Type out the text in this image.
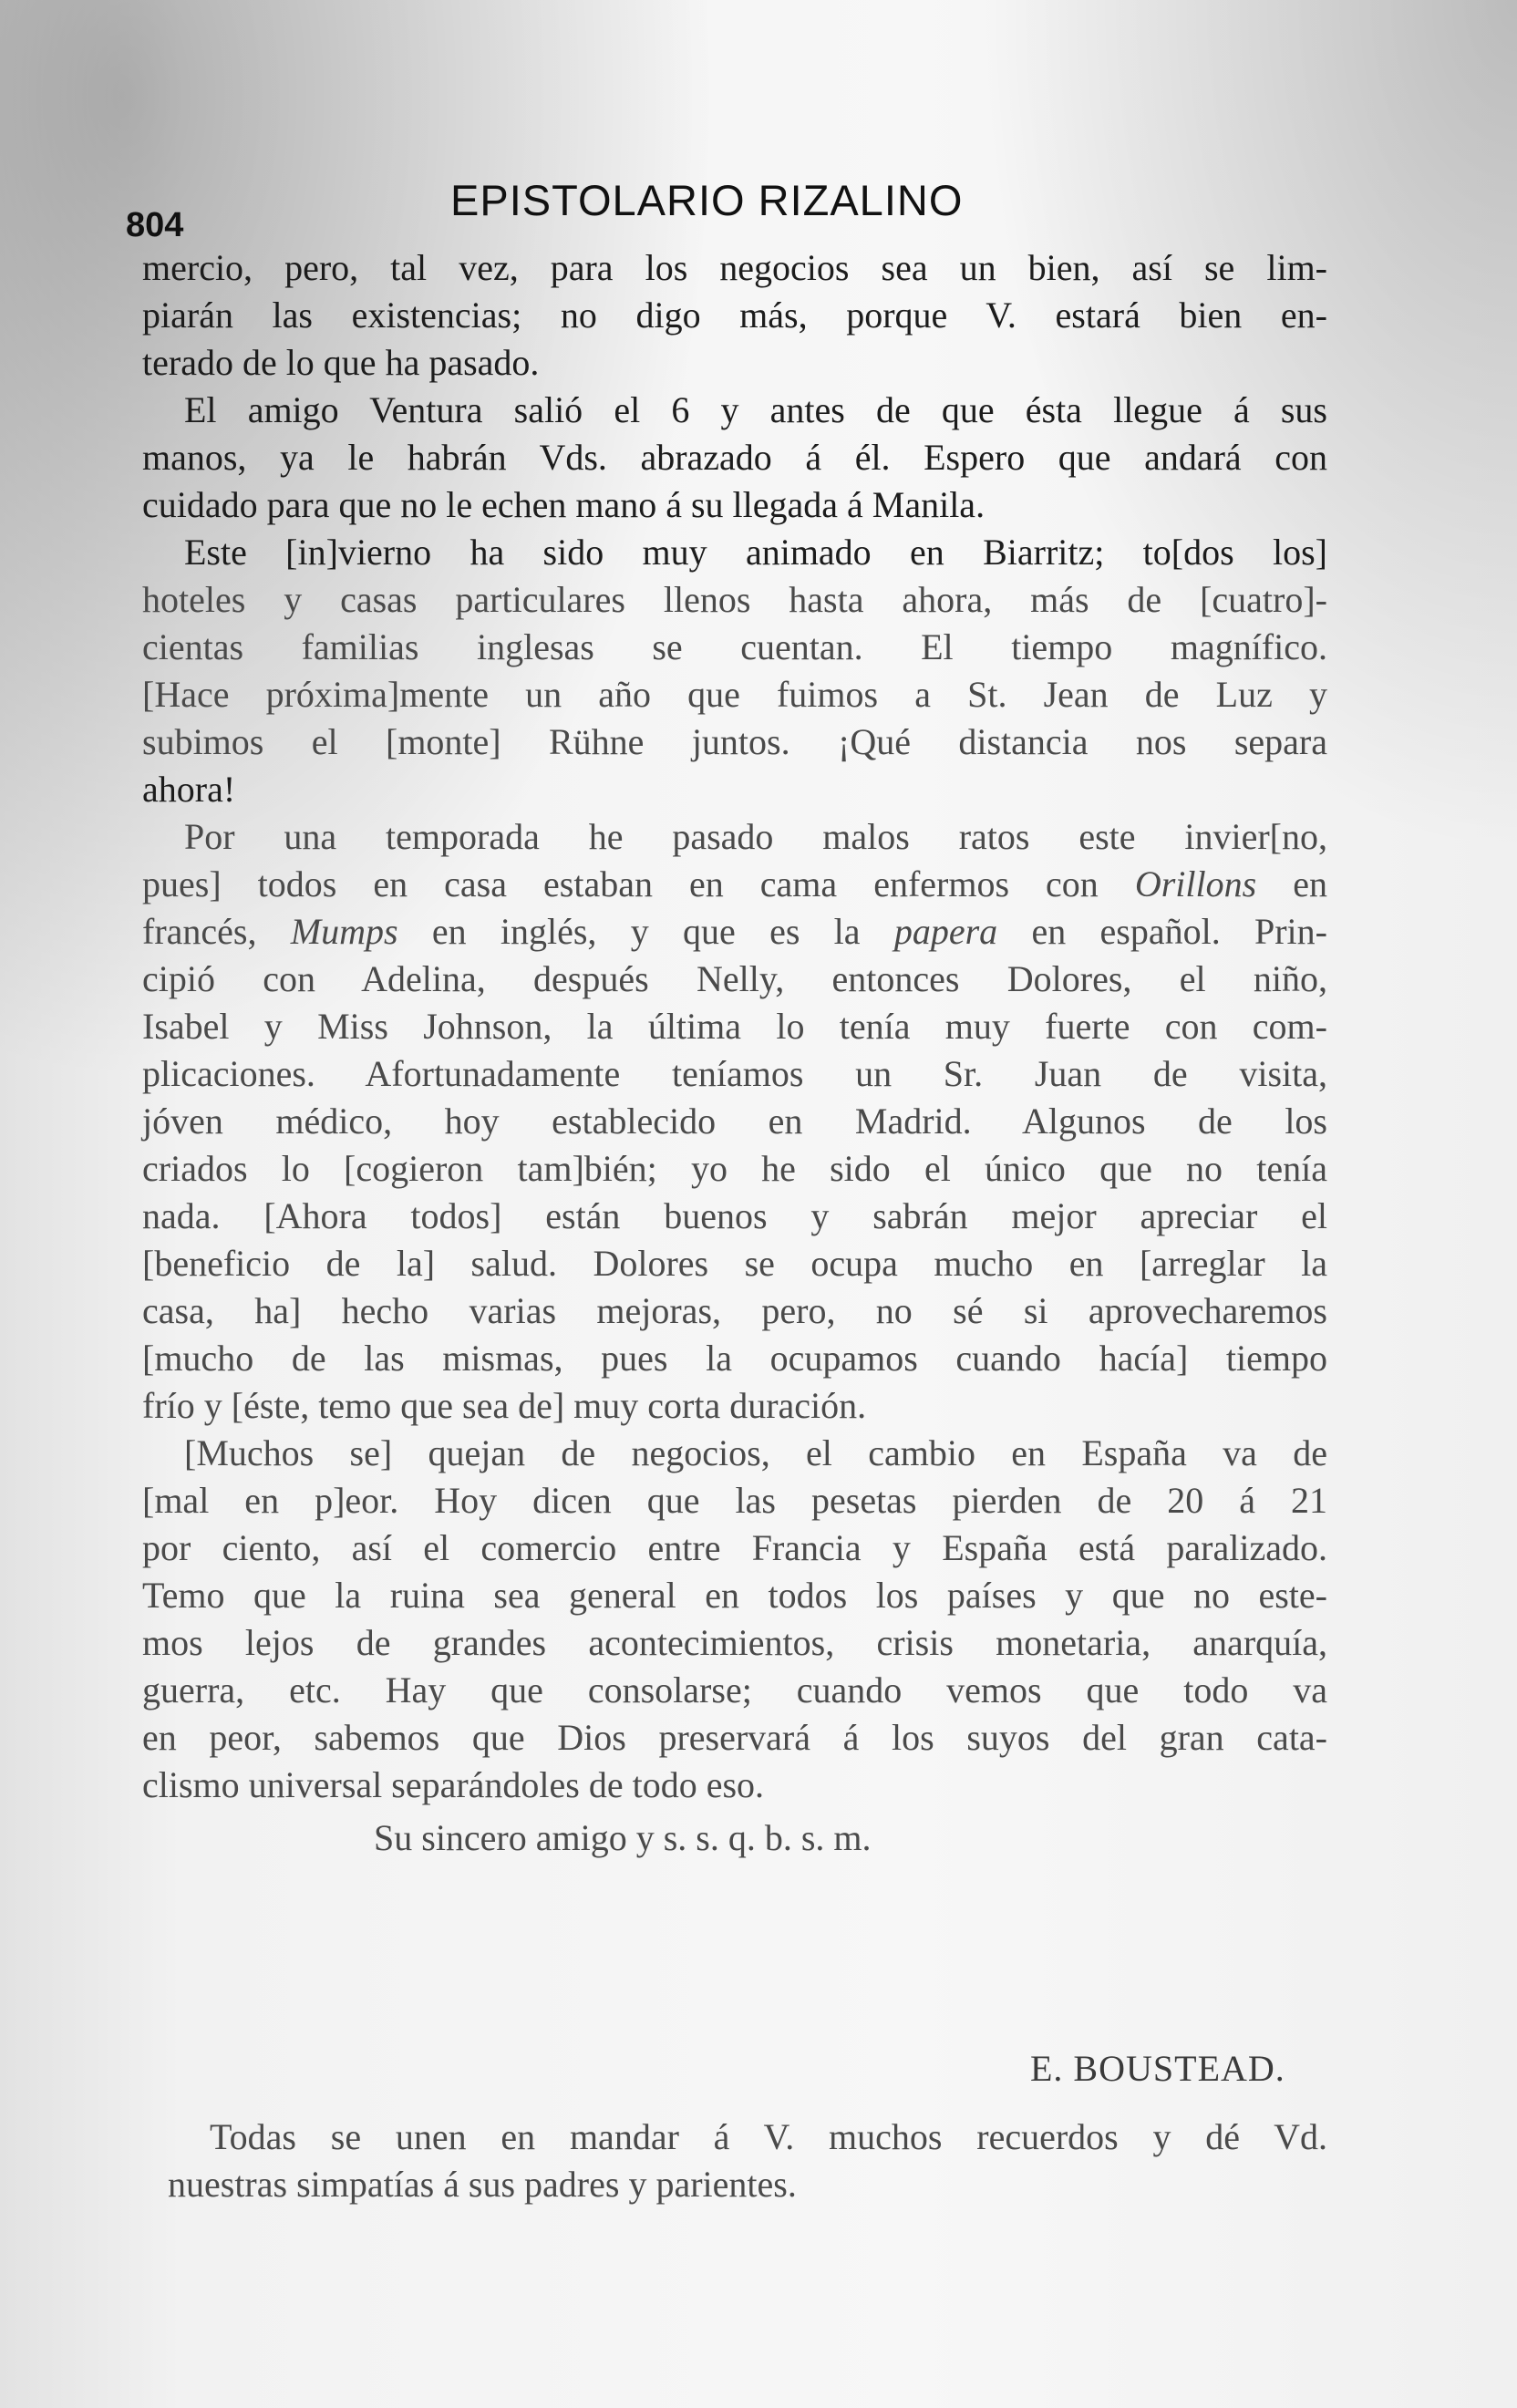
804
EPISTOLARIO RIZALINO
mercio, pero, tal vez, para los negocios sea un bien, así se lim-
piarán las existencias; no digo más, porque V. estará bien en-
terado de lo que ha pasado.
El amigo Ventura salió el 6 y antes de que ésta llegue á sus
manos, ya le habrán Vds. abrazado á él. Espero que andará con
cuidado para que no le echen mano á su llegada á Manila.
Este [in]vierno ha sido muy animado en Biarritz; to[dos los]
hoteles y casas particulares llenos hasta ahora, más de [cuatro]-
cientas familias inglesas se cuentan. El tiempo magnífico.
[Hace próxima]mente un año que fuimos a St. Jean de Luz y
subimos el [monte] Rühne juntos. ¡Qué distancia nos separa
ahora!
Por una temporada he pasado malos ratos este invier[no,
pues] todos en casa estaban en cama enfermos con Orillons en
francés, Mumps en inglés, y que es la papera en español. Prin-
cipió con Adelina, después Nelly, entonces Dolores, el niño,
Isabel y Miss Johnson, la última lo tenía muy fuerte con com-
plicaciones. Afortunadamente teníamos un Sr. Juan de visita,
jóven médico, hoy establecido en Madrid. Algunos de los
criados lo [cogieron tam]bién; yo he sido el único que no tenía
nada. [Ahora todos] están buenos y sabrán mejor apreciar el
[beneficio de la] salud. Dolores se ocupa mucho en [arreglar la
casa, ha] hecho varias mejoras, pero, no sé si aprovecharemos
[mucho de las mismas, pues la ocupamos cuando hacía] tiempo
frío y [éste, temo que sea de] muy corta duración.
[Muchos se] quejan de negocios, el cambio en España va de
[mal en p]eor. Hoy dicen que las pesetas pierden de 20 á 21
por ciento, así el comercio entre Francia y España está paralizado.
Temo que la ruina sea general en todos los países y que no este-
mos lejos de grandes acontecimientos, crisis monetaria, anarquía,
guerra, etc. Hay que consolarse; cuando vemos que todo va
en peor, sabemos que Dios preservará á los suyos del gran cata-
clismo universal separándoles de todo eso.
Su sincero amigo y s. s. q. b. s. m.
E. BOUSTEAD.
Todas se unen en mandar á V. muchos recuerdos y dé Vd.
nuestras simpatías á sus padres y parientes.
